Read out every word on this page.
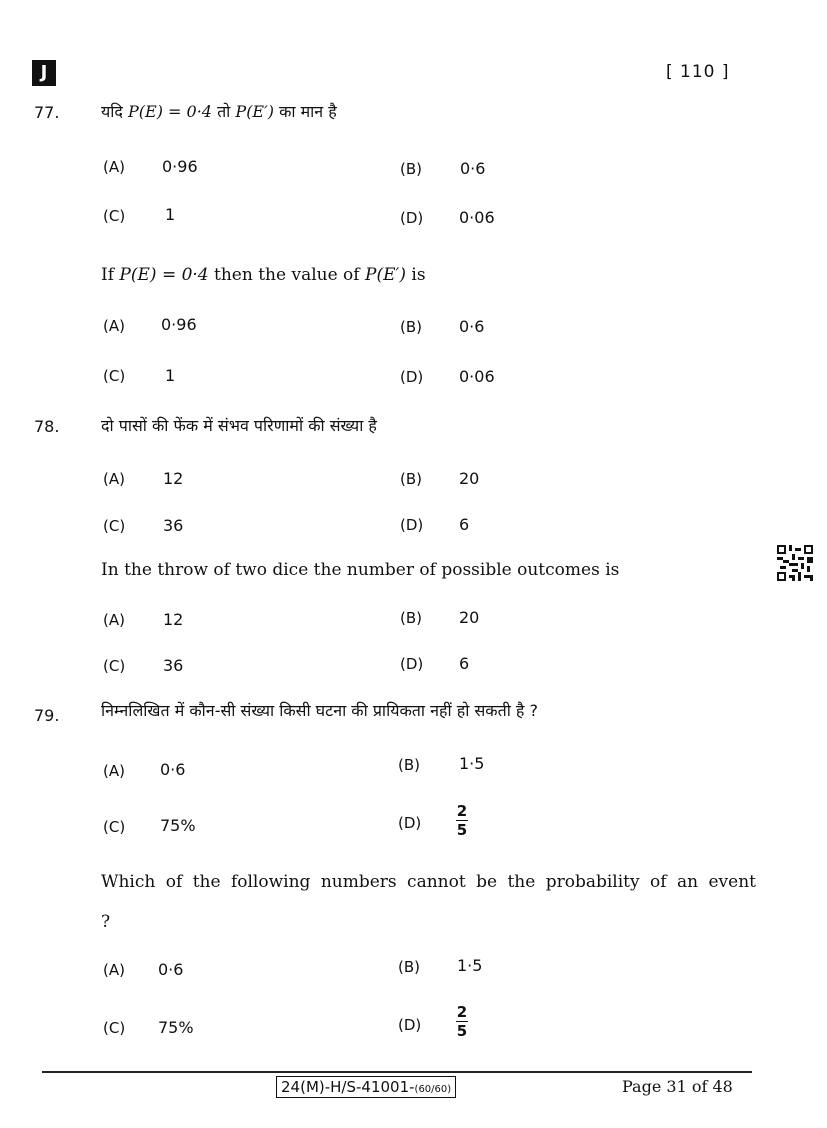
J	[ 110 ]
77.	यदि P(E) = 0·4 तो P(E′) का मान है
(A) 0·96	(B) 0·6
(C) 1	(D) 0·06
If P(E) = 0·4 then the value of P(E′) is
(A) 0·96	(B) 0·6
(C) 1	(D) 0·06
78.	दो पासों की फेंक में संभव परिणामों की संख्या है
(A) 12	(B) 20
(C) 36	(D) 6
In the throw of two dice the number of possible outcomes is
(A) 12	(B) 20
(C) 36	(D) 6
79.	निम्नलिखित में कौन-सी संख्या किसी घटना की प्रायिकता नहीं हो सकती है ?
(A) 0·6	(B) 1·5
(C) 75%	(D)
2
5
Which of the following numbers cannot be the probability of an event ?
(A) 0·6	(B) 1·5
(C) 75%	(D)
2
5
24(M)-H/S-41001-(60/60)	Page 31 of 48
